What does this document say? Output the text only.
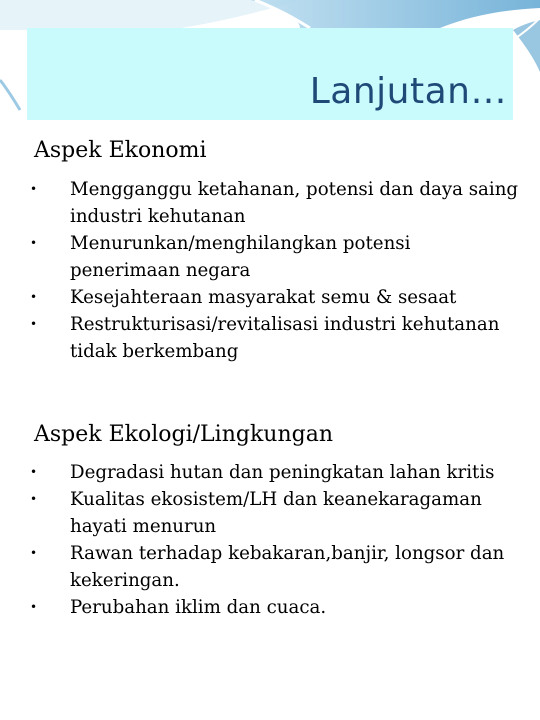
Lanjutan…
Aspek Ekonomi
• Mengganggu ketahanan, potensi dan daya saing industri kehutanan
• Menurunkan/menghilangkan potensi penerimaan negara
• Kesejahteraan masyarakat semu & sesaat
• Restrukturisasi/revitalisasi industri kehutanan tidak berkembang
Aspek Ekologi/Lingkungan
• Degradasi hutan dan peningkatan lahan kritis
• Kualitas ekosistem/LH dan keanekaragaman hayati menurun
• Rawan terhadap kebakaran,banjir, longsor dan kekeringan.
• Perubahan iklim dan cuaca.
